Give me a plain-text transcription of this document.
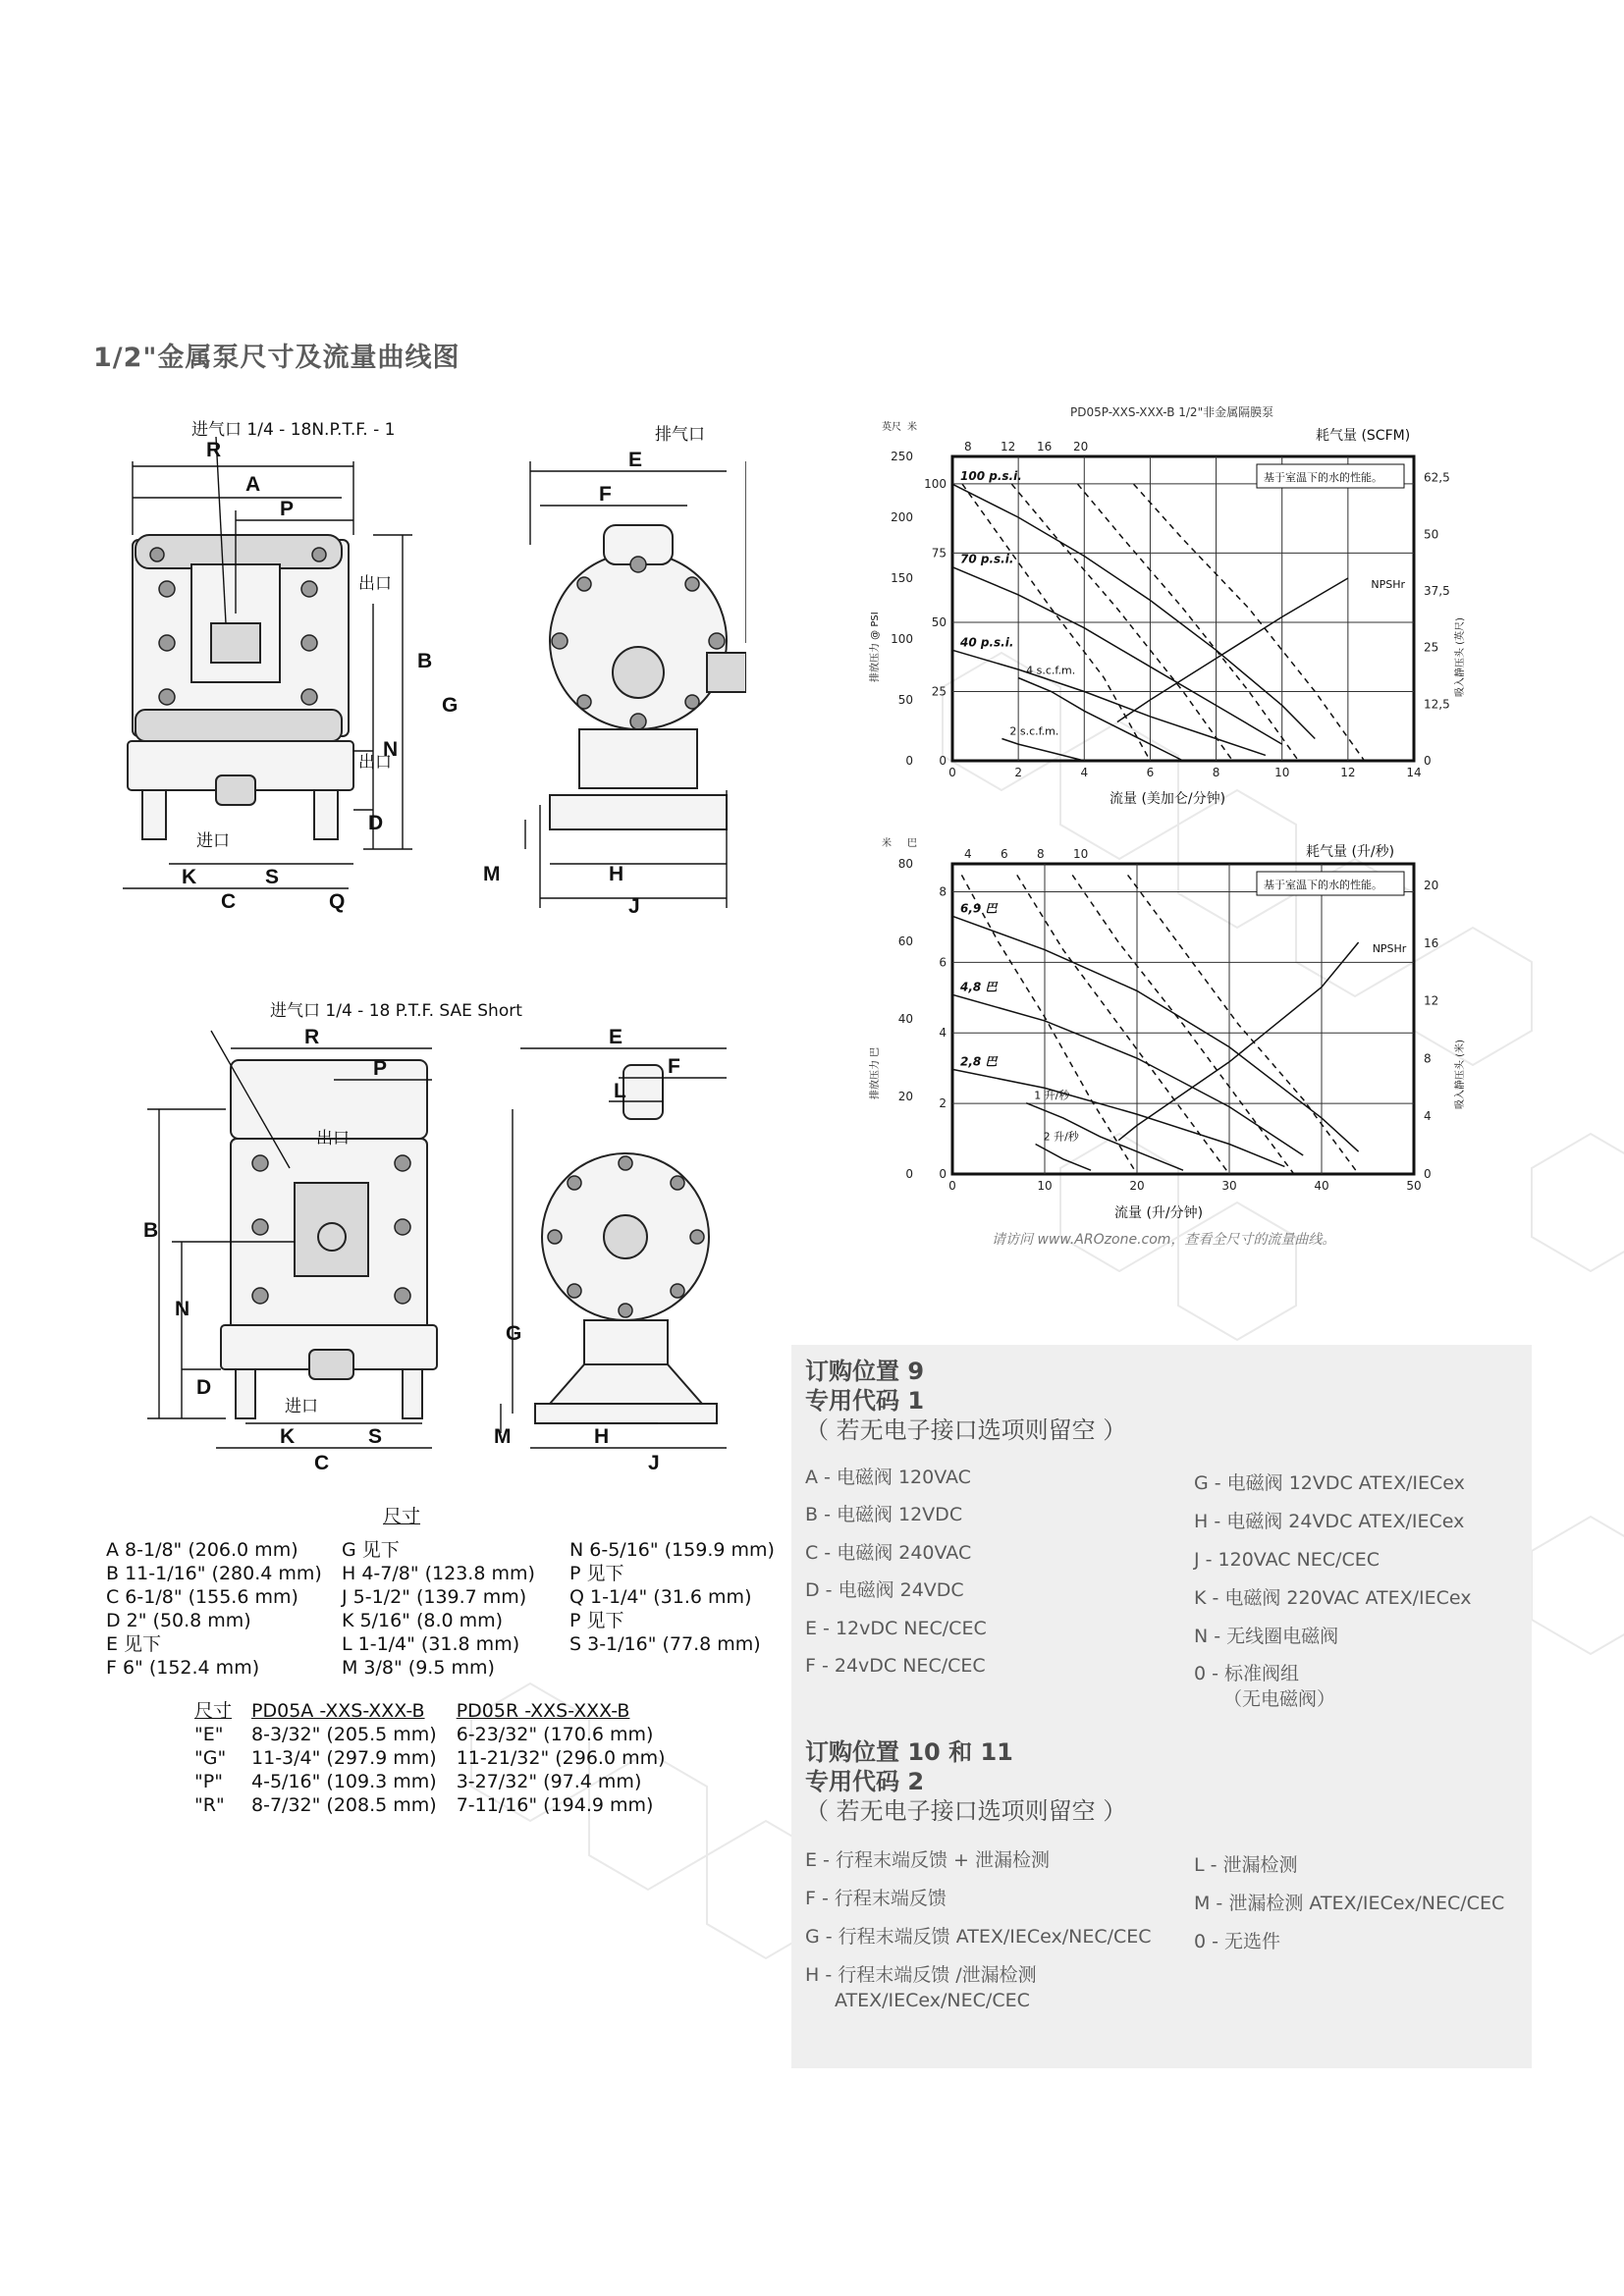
1/2"金属泵尺寸及流量曲线图
R
A
P
B
G
N
D
K
C
S
Q
进气口 1/4 - 18N.P.T.F. - 1
出口
出口
进口
E
F
H
J
M
排气口
R
P
B
N
D
K
C
S
进气口 1/4 - 18 P.T.F. SAE Short
出口
进口
E
F
L
G
H
J
M
PD05P-XXS-XXX-B 1/2"非金属隔膜泵
耗气量 (SCFM)
流量 (美加仑/分钟)
排放压力 @ PSI	吸入静压头 (英尺)
英尺 米
0	2	4	6	8	10	12	14
0
25
50
75
100
0
50
100
150
200
250
0
12,5
25
37,5
50
62,5
8 12 16 20
基于室温下的水的性能。
100 p.s.i.
70 p.s.i.
40 p.s.i.
NPSHr
4 s.c.f.m.
2 s.c.f.m.
耗气量 (升/秒)
流量 (升/分钟)
排放压力 巴	吸入静压头 (米)
米 巴
0	10	20	30	40	50
0
2
4
6
8
0
20
40
60
80
0
4
8
12
16
20
4 6 8 10
基于室温下的水的性能。
6,9 巴
4,8 巴
2,8 巴
NPSHr
1 升/秒
2 升/秒
请访问 www.AROzone.com，查看全尺寸的流量曲线。
尺寸
A 8-1/8" (206.0 mm)
B 11-1/16" (280.4 mm)
C 6-1/8" (155.6 mm)
D 2" (50.8 mm)
E 见下
F 6" (152.4 mm)
G 见下
H 4-7/8" (123.8 mm)
J 5-1/2" (139.7 mm)
K 5/16" (8.0 mm)
L 1-1/4" (31.8 mm)
M 3/8" (9.5 mm)
N 6-5/16" (159.9 mm)
P 见下
Q 1-1/4" (31.6 mm)
P 见下
S 3-1/16" (77.8 mm)
尺寸	PD05A -XXS-XXX-B	PD05R -XXS-XXX-B
"E"	8-3/32" (205.5 mm)	6-23/32" (170.6 mm)
"G"	11-3/4" (297.9 mm)	11-21/32" (296.0 mm)
"P"	4-5/16" (109.3 mm)	3-27/32" (97.4 mm)
"R"	8-7/32" (208.5 mm)	7-11/16" (194.9 mm)
订购位置 9
专用代码 1
（ 若无电子接口选项则留空 ）
A - 电磁阀 120VAC
B - 电磁阀 12VDC
C - 电磁阀 240VAC
D - 电磁阀 24VDC
E - 12vDC NEC/CEC
F - 24vDC NEC/CEC
G - 电磁阀 12VDC ATEX/IECex
H - 电磁阀 24VDC ATEX/IECex
J - 120VAC NEC/CEC
K - 电磁阀 220VAC ATEX/IECex
N - 无线圈电磁阀
0 - 标准阀组
（无电磁阀）
订购位置 10 和 11
专用代码 2
（ 若无电子接口选项则留空 ）
E - 行程末端反馈 + 泄漏检测
F - 行程末端反馈
G - 行程末端反馈 ATEX/IECex/NEC/CEC
H - 行程末端反馈 /泄漏检测
ATEX/IECex/NEC/CEC
L - 泄漏检测
M - 泄漏检测 ATEX/IECex/NEC/CEC
0 - 无选件
